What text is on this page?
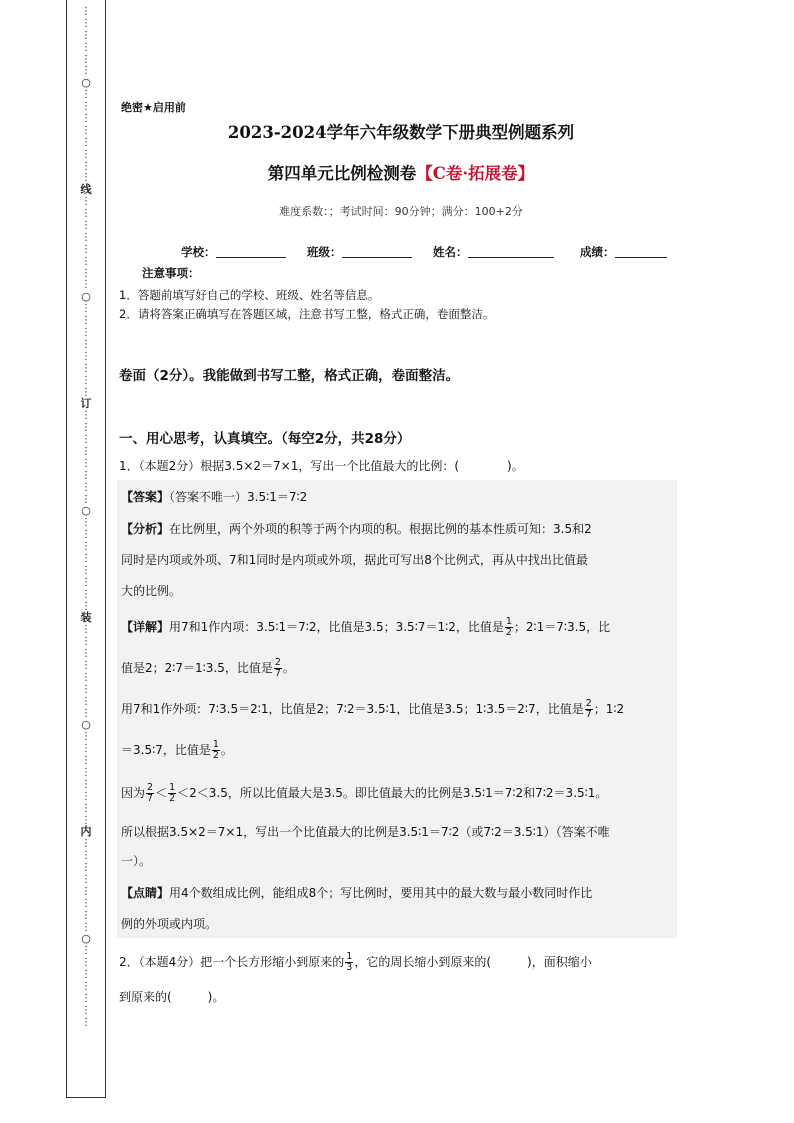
⋮
⋮
⋮
⋮
⋮
⋮
○
⋮
⋮
⋮
⋮
⋮
⋮
⋮
⋮
线
⋮
⋮
⋮
⋮
⋮
⋮
⋮
⋮
○
⋮
⋮
⋮
⋮
⋮
⋮
⋮
⋮
订
⋮
⋮
⋮
⋮
⋮
⋮
⋮
⋮
○
⋮
⋮
⋮
⋮
⋮
⋮
⋮
⋮
装
⋮
⋮
⋮
⋮
⋮
⋮
⋮
⋮
○
⋮
⋮
⋮
⋮
⋮
⋮
⋮
⋮
内
⋮
⋮
⋮
⋮
⋮
⋮
⋮
⋮
○
⋮
⋮
⋮
⋮
⋮
⋮
⋮
绝密★启用前
2023-2024学年六年级数学下册典型例题系列
第四单元比例检测卷【C卷·拓展卷】
难度系数：；考试时间：90分钟；满分：100+2分
学校：	班级：	姓名：	成绩：
注意事项：
1．答题前填写好自己的学校、班级、姓名等信息。
2．请将答案正确填写在答题区域，注意书写工整，格式正确，卷面整洁。
卷面（2分）。我能做到书写工整，格式正确，卷面整洁。
一、用心思考，认真填空。（每空2分，共28分）
1．（本题2分）根据3.5×2＝7×1，写出一个比值最大的比例：(　　　　)。
【答案】（答案不唯一）3.5∶1＝7∶2
【分析】在比例里，两个外项的积等于两个内项的积。根据比例的基本性质可知：3.5和2
同时是内项或外项、7和1同时是内项或外项，据此可写出8个比例式，再从中找出比值最
大的比例。
【详解】用7和1作内项：3.5∶1＝7∶2，比值是3.5；3.5∶7＝1∶2，比值是 $\frac{1}{2}$ ；2∶1＝7∶3.5，比
值是2；2∶7＝1∶3.5，比值是 $\frac{2}{7}$ 。
用7和1作外项：7∶3.5＝2∶1，比值是2；7∶2＝3.5∶1，比值是3.5；1∶3.5＝2∶7，比值是 $\frac{2}{7}$ ；1∶2
＝3.5∶7，比值是 $\frac{1}{2}$ 。
因为 $\frac{2}{7} < \frac{1}{2} <2<3.5$，所以比值最大是3.5。即比值最大的比例是3.5∶1＝7∶2和7∶2＝3.5∶1。
所以根据3.5×2＝7×1，写出一个比值最大的比例是3.5∶1＝7∶2（或7∶2＝3.5∶1）（答案不唯
一）。
【点睛】用4个数组成比例，能组成8个；写比例时，要用其中的最大数与最小数同时作比
例的外项或内项。
2．（本题4分）把一个长方形缩小到原来的 $\frac{1}{3}$ ，它的周长缩小到原来的(　　　)，面积缩小
到原来的(　　　)。
